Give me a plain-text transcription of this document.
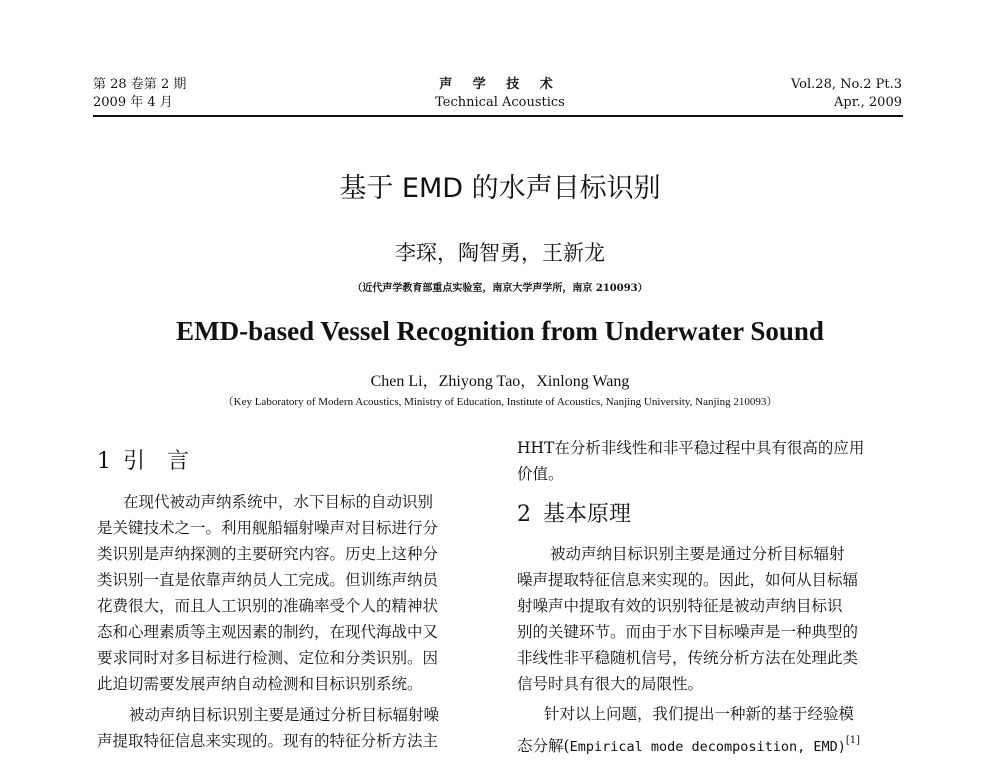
第 28 卷第 2 期
2009 年 4 月
声 学 技 术
Technical Acoustics
Vol.28, No.2 Pt.3
Apr., 2009
基于 EMD 的水声目标识别
李琛，陶智勇，王新龙
（近代声学教育部重点实验室，南京大学声学所，南京 210093）
EMD-based Vessel Recognition from Underwater Sound
Chen Li，Zhiyong Tao，Xinlong Wang
（Key Laboratory of Modern Acoustics, Ministry of Education, Institute of Acoustics, Nanjing University, Nanjing 210093）
1 引言
在现代被动声纳系统中，水下目标的自动识别
是关键技术之一。利用舰船辐射噪声对目标进行分
类识别是声纳探测的主要研究内容。历史上这种分
类识别一直是依靠声纳员人工完成。但训练声纳员
花费很大，而且人工识别的准确率受个人的精神状
态和心理素质等主观因素的制约，在现代海战中又
要求同时对多目标进行检测、定位和分类识别。因
此迫切需要发展声纳自动检测和目标识别系统。
被动声纳目标识别主要是通过分析目标辐射噪
声提取特征信息来实现的。现有的特征分析方法主
HHT在分析非线性和非平稳过程中具有很高的应用
价值。
2 基本原理
被动声纳目标识别主要是通过分析目标辐射
噪声提取特征信息来实现的。因此，如何从目标辐
射噪声中提取有效的识别特征是被动声纳目标识
别的关键环节。而由于水下目标噪声是一种典型的
非线性非平稳随机信号，传统分析方法在处理此类
信号时具有很大的局限性。
针对以上问题，我们提出一种新的基于经验模
态分解(Empirical mode decomposition, EMD)[1]
